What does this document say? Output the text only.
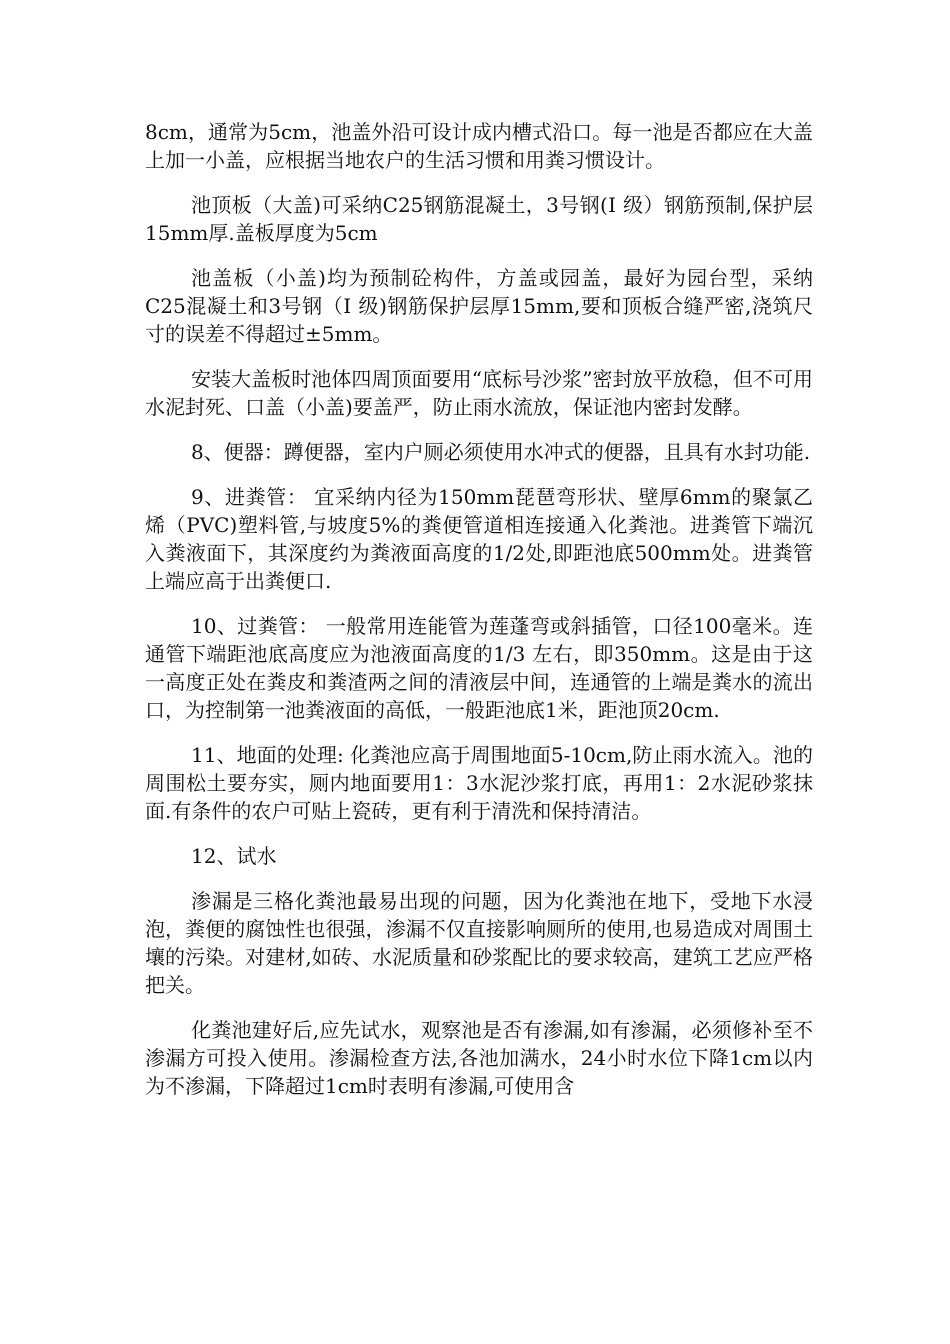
8cm，通常为5cm，池盖外沿可设计成内槽式沿口。每一池是否都应在大盖上加一小盖，应根据当地农户的生活习惯和用粪习惯设计。

池顶板（大盖)可采纳C25钢筋混凝土，3号钢(Ⅰ 级）钢筋预制,保护层15mm厚.盖板厚度为5cm

池盖板（小盖)均为预制砼构件，方盖或园盖，最好为园台型，采纳C25混凝土和3号钢（Ⅰ 级)钢筋保护层厚15mm,要和顶板合缝严密,浇筑尺寸的误差不得超过±5mm。

安装大盖板时池体四周顶面要用“底标号沙浆”密封放平放稳，但不可用水泥封死、口盖（小盖)要盖严，防止雨水流放，保证池内密封发酵。

8、便器：蹲便器，室内户厕必须使用水冲式的便器，且具有水封功能.

9、进粪管： 宜采纳内径为150mm琵琶弯形状、壁厚6mm的聚氯乙烯（PVC)塑料管,与坡度5%的粪便管道相连接通入化粪池。进粪管下端沉入粪液面下，其深度约为粪液面高度的1/2处,即距池底500mm处。进粪管上端应高于出粪便口.

10、过粪管： 一般常用连能管为莲蓬弯或斜插管，口径100毫米。连通管下端距池底高度应为池液面高度的1/3 左右，即350mm。这是由于这一高度正处在粪皮和粪渣两之间的清液层中间，连通管的上端是粪水的流出口，为控制第一池粪液面的高低，一般距池底1米，距池顶20cm.

11、地面的处理: 化粪池应高于周围地面5-10cm,防止雨水流入。池的周围松土要夯实，厕内地面要用1：3水泥沙浆打底，再用1：2水泥砂浆抹面.有条件的农户可贴上瓷砖，更有利于清洗和保持清洁。

12、试水

渗漏是三格化粪池最易出现的问题，因为化粪池在地下，受地下水浸泡，粪便的腐蚀性也很强，渗漏不仅直接影响厕所的使用,也易造成对周围土壤的污染。对建材,如砖、水泥质量和砂浆配比的要求较高，建筑工艺应严格把关。

化粪池建好后,应先试水，观察池是否有渗漏,如有渗漏，必须修补至不渗漏方可投入使用。渗漏检查方法,各池加满水，24小时水位下降1cm以内为不渗漏，下降超过1cm时表明有渗漏,可使用含
